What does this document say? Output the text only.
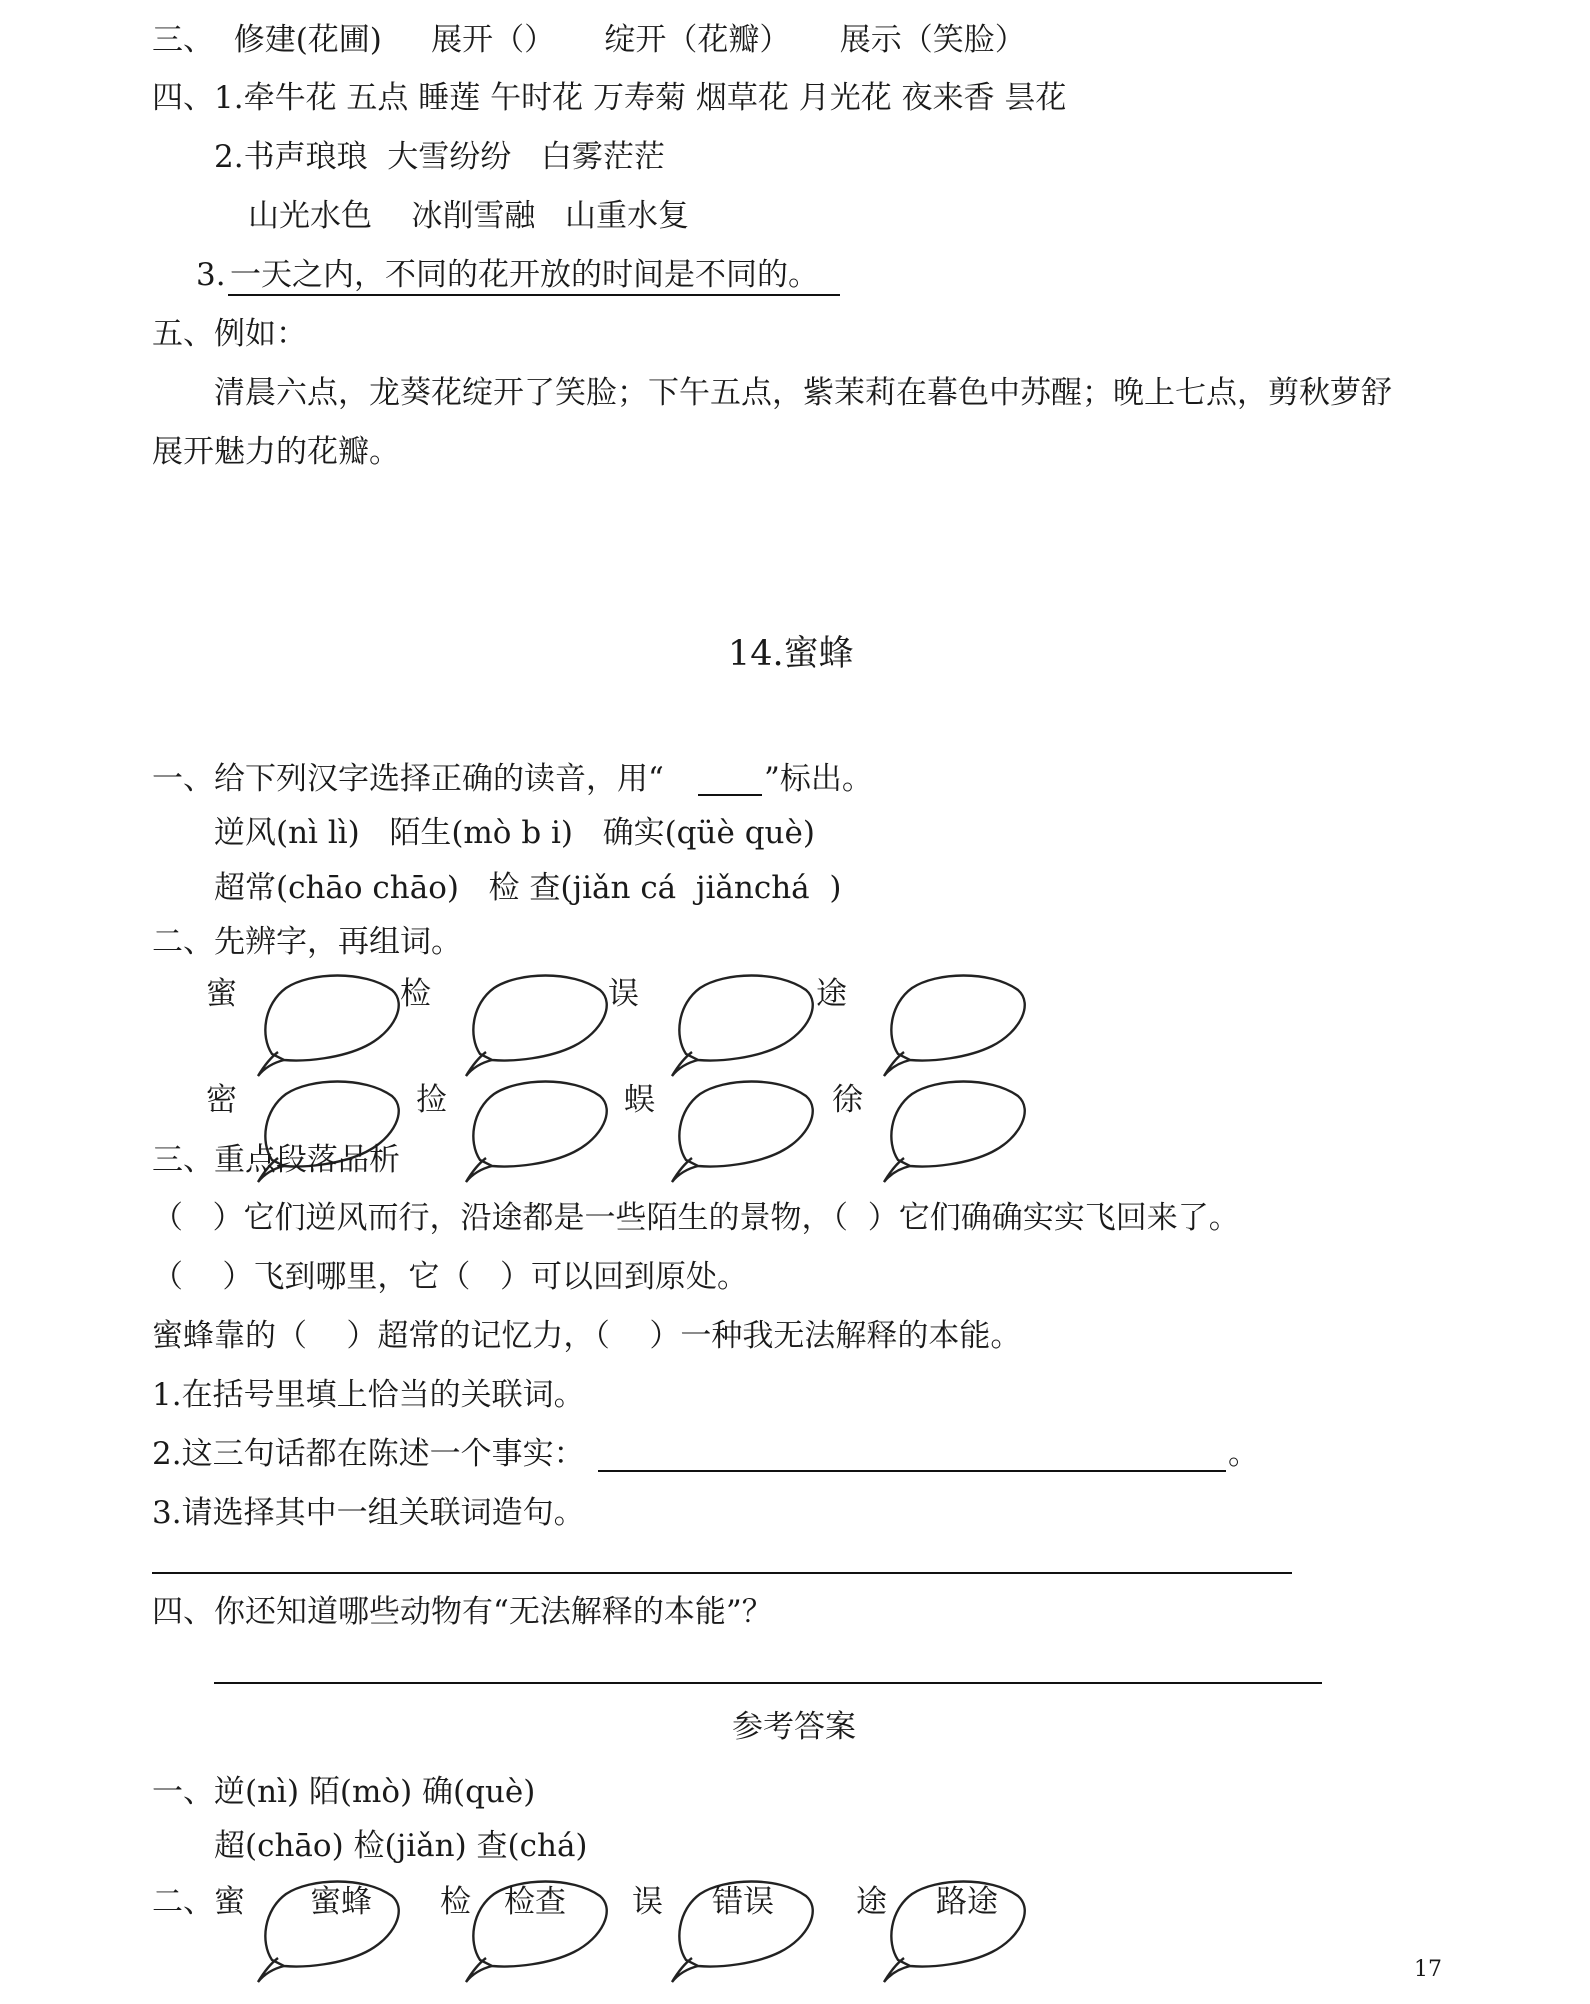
三、  修建(花圃)     展开（）     绽开（花瓣）     展示（笑脸）
四、1.牵牛花 五点 睡莲 午时花 万寿菊 烟草花 月光花 夜来香 昙花
2.书声琅琅  大雪纷纷   白雾茫茫
山光水色    冰削雪融   山重水复
3. 一天之内，不同的花开放的时间是不同的。
五、例如：
清晨六点，龙葵花绽开了笑脸；下午五点，紫茉莉在暮色中苏醒；晚上七点，剪秋萝舒
展开魅力的花瓣。
14.蜜蜂
一、给下列汉字选择正确的读音，用“	”标出。
逆风(nì lì)   陌生(mò b i)   确实(qüè què)
超常(chāo chāo)   检 查(jiǎn cá  jiǎnchá  )
二、先辨字，再组词。
蜜	检	误	途
密	捡	蜈	徐
三、重点段落品析
（   ）它们逆风而行，沿途都是一些陌生的景物，（  ）它们确确实实飞回来了。
（    ）飞到哪里，它（   ）可以回到原处。
蜜蜂靠的（    ）超常的记忆力，（    ）一种我无法解释的本能。
1.在括号里填上恰当的关联词。
2.这三句话都在陈述一个事实：	。
3.请选择其中一组关联词造句。
四、你还知道哪些动物有“无法解释的本能”？
参考答案
一、逆(nì) 陌(mò) 确(què)
超(chāo) 检(jiǎn) 查(chá)
二、 蜜	检	误	途
蜜蜂	检查	错误	路途
17
